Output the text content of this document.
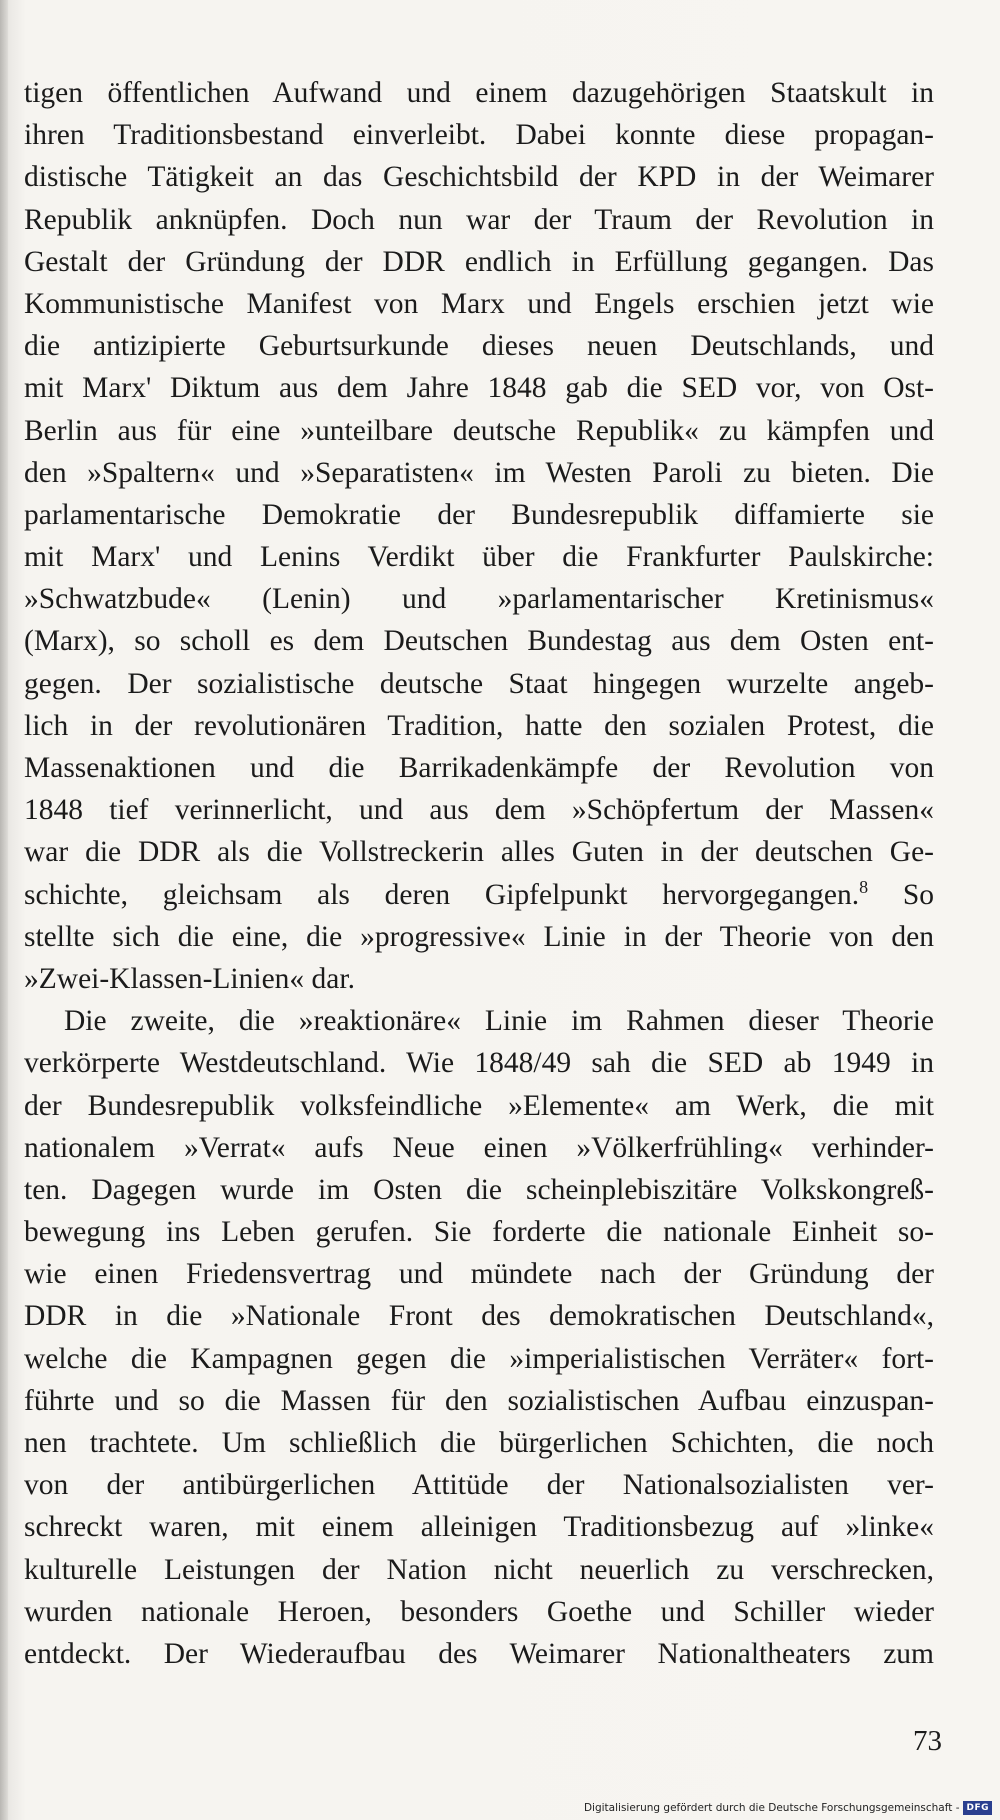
tigen öffentlichen Aufwand und einem dazugehörigen Staatskult in
ihren Traditionsbestand einverleibt. Dabei konnte diese propagan-
distische Tätigkeit an das Geschichtsbild der KPD in der Weimarer
Republik anknüpfen. Doch nun war der Traum der Revolution in
Gestalt der Gründung der DDR endlich in Erfüllung gegangen. Das
Kommunistische Manifest von Marx und Engels erschien jetzt wie
die antizipierte Geburtsurkunde dieses neuen Deutschlands, und
mit Marx' Diktum aus dem Jahre 1848 gab die SED vor, von Ost-
Berlin aus für eine »unteilbare deutsche Republik« zu kämpfen und
den »Spaltern« und »Separatisten« im Westen Paroli zu bieten. Die
parlamentarische Demokratie der Bundesrepublik diffamierte sie
mit Marx' und Lenins Verdikt über die Frankfurter Paulskirche:
»Schwatzbude« (Lenin) und »parlamentarischer Kretinismus«
(Marx), so scholl es dem Deutschen Bundestag aus dem Osten ent-
gegen. Der sozialistische deutsche Staat hingegen wurzelte angeb-
lich in der revolutionären Tradition, hatte den sozialen Protest, die
Massenaktionen und die Barrikadenkämpfe der Revolution von
1848 tief verinnerlicht, und aus dem »Schöpfertum der Massen«
war die DDR als die Vollstreckerin alles Guten in der deutschen Ge-
schichte, gleichsam als deren Gipfelpunkt hervorgegangen.$^8$ So
stellte sich die eine, die »progressive« Linie in der Theorie von den
»Zwei-Klassen-Linien« dar.
Die zweite, die »reaktionäre« Linie im Rahmen dieser Theorie
verkörperte Westdeutschland. Wie 1848/49 sah die SED ab 1949 in
der Bundesrepublik volksfeindliche »Elemente« am Werk, die mit
nationalem »Verrat« aufs Neue einen »Völkerfrühling« verhinder-
ten. Dagegen wurde im Osten die scheinplebiszitäre Volkskongreß-
bewegung ins Leben gerufen. Sie forderte die nationale Einheit so-
wie einen Friedensvertrag und mündete nach der Gründung der
DDR in die »Nationale Front des demokratischen Deutschland«,
welche die Kampagnen gegen die »imperialistischen Verräter« fort-
führte und so die Massen für den sozialistischen Aufbau einzuspan-
nen trachtete. Um schließlich die bürgerlichen Schichten, die noch
von der antibürgerlichen Attitüde der Nationalsozialisten ver-
schreckt waren, mit einem alleinigen Traditionsbezug auf »linke«
kulturelle Leistungen der Nation nicht neuerlich zu verschrecken,
wurden nationale Heroen, besonders Goethe und Schiller wieder
entdeckt. Der Wiederaufbau des Weimarer Nationaltheaters zum
73
Digitalisierung gefördert durch die Deutsche Forschungsgemeinschaft - DFG
